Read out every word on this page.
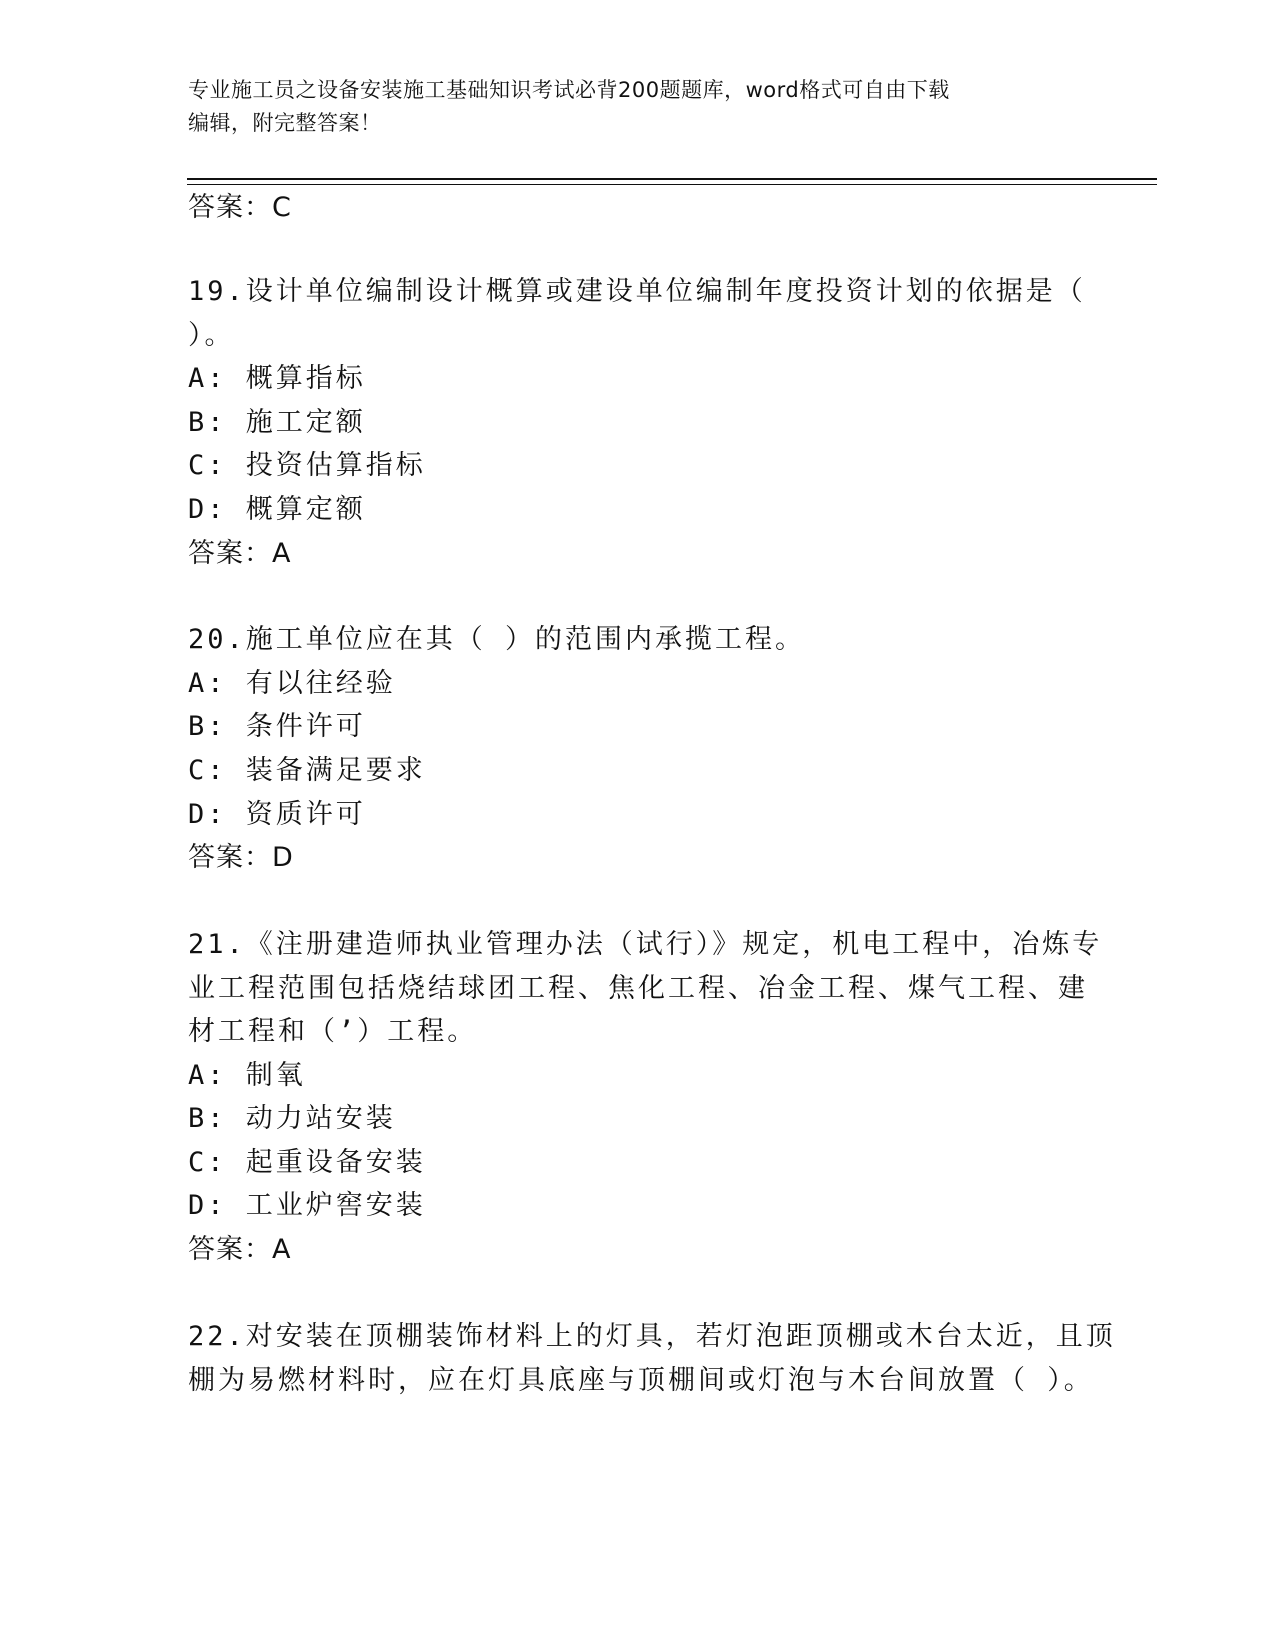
专业施工员之设备安装施工基础知识考试必背200题题库，word格式可自由下载
编辑，附完整答案！
答案：C
19.设计单位编制设计概算或建设单位编制年度投资计划的依据是（
）。
A: 概算指标
B: 施工定额
C: 投资估算指标
D: 概算定额
答案：A
20.施工单位应在其（ ）的范围内承揽工程。
A: 有以往经验
B: 条件许可
C: 装备满足要求
D: 资质许可
答案：D
21.《注册建造师执业管理办法（试行）》规定，机电工程中，冶炼专
业工程范围包括烧结球团工程、焦化工程、冶金工程、煤气工程、建
材工程和（’）工程。
A: 制氧
B: 动力站安装
C: 起重设备安装
D: 工业炉窖安装
答案：A
22.对安装在顶棚装饰材料上的灯具，若灯泡距顶棚或木台太近，且顶
棚为易燃材料时，应在灯具底座与顶棚间或灯泡与木台间放置（ ）。
